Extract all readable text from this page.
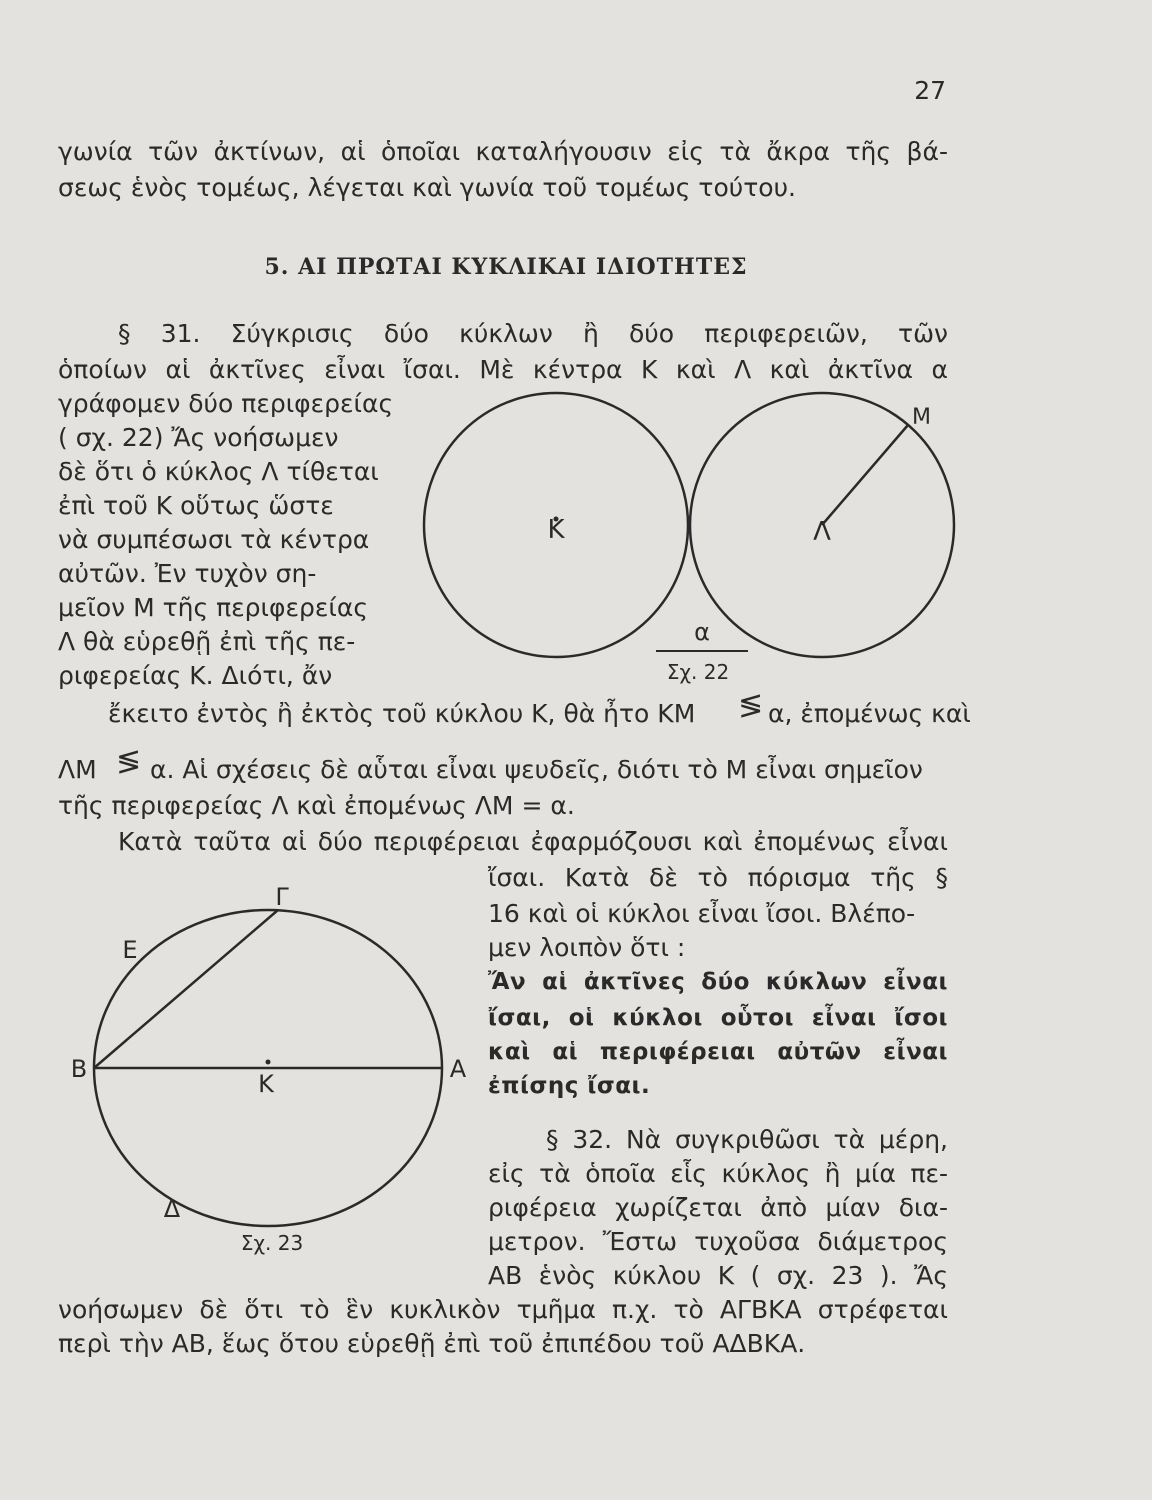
27
γωνία τῶν ἀκτίνων, αἱ ὁποῖαι καταλήγουσιν εἰς τὰ ἄκρα τῆς βά-
σεως ἑνὸς τομέως, λέγεται καὶ γωνία τοῦ τομέως τούτου.
5. ΑΙ ΠΡΩΤΑΙ ΚΥΚΛΙΚΑΙ ΙΔΙΟΤΗΤΕΣ
§ 31. Σύγκρισις δύο κύκλων ἢ δύο περιφερειῶν, τῶν
ὁποίων αἱ ἀκτῖνες εἶναι ἴσαι. Μὲ κέντρα Κ καὶ Λ καὶ ἀκτῖνα α
γράφομεν δύο περιφερείας
( σχ. 22) Ἄς νοήσωμεν
δὲ ὅτι ὁ κύκλος Λ τίθεται
ἐπὶ τοῦ Κ οὕτως ὥστε
νὰ συμπέσωσι τὰ κέντρα
αὐτῶν. Ἐν τυχὸν ση-
μεῖον Μ τῆς περιφερείας
Λ θὰ εὑρεθῇ ἐπὶ τῆς πε-
ριφερείας Κ. Διότι, ἄν
ἔκειτο ἐντὸς ἢ ἐκτὸς τοῦ κύκλου Κ, θὰ ἦτο ΚΜ ≶ α, ἐπομένως καὶ
ΛΜ ≶ α. Αἱ σχέσεις δὲ αὗται εἶναι ψευδεῖς, διότι τὸ Μ εἶναι σημεῖον
τῆς περιφερείας Λ καὶ ἐπομένως ΛΜ = α.
Κατὰ ταῦτα αἱ δύο περιφέρειαι ἐφαρμόζουσι καὶ ἐπομένως εἶναι
ἴσαι. Κατὰ δὲ τὸ πόρισμα τῆς §
16 καὶ οἱ κύκλοι εἶναι ἴσοι. Βλέπο-
μεν λοιπὸν ὅτι :
Ἄν αἱ ἀκτῖνες δύο κύκλων εἶναι
ἴσαι, οἱ κύκλοι οὗτοι εἶναι ἴσοι
καὶ αἱ περιφέρειαι αὐτῶν εἶναι
ἐπίσης ἴσαι.
§ 32. Νὰ συγκριθῶσι τὰ μέρη,
εἰς τὰ ὁποῖα εἷς κύκλος ἢ μία πε-
ριφέρεια χωρίζεται ἀπὸ μίαν δια-
μετρον. Ἔστω τυχοῦσα διάμετρος
ΑΒ ἑνὸς κύκλου Κ ( σχ. 23 ). Ἄς
νοήσωμεν δὲ ὅτι τὸ ἓν κυκλικὸν τμῆμα π.χ. τὸ ΑΓΒΚΑ στρέφεται
περὶ τὴν ΑΒ, ἕως ὅτου εὑρεθῇ ἐπὶ τοῦ ἐπιπέδου τοῦ ΑΔΒΚΑ.
Κ	Λ
Μ
α
Σχ. 22
Γ
Ε
Β	Α
Κ
Δ
Σχ. 23
